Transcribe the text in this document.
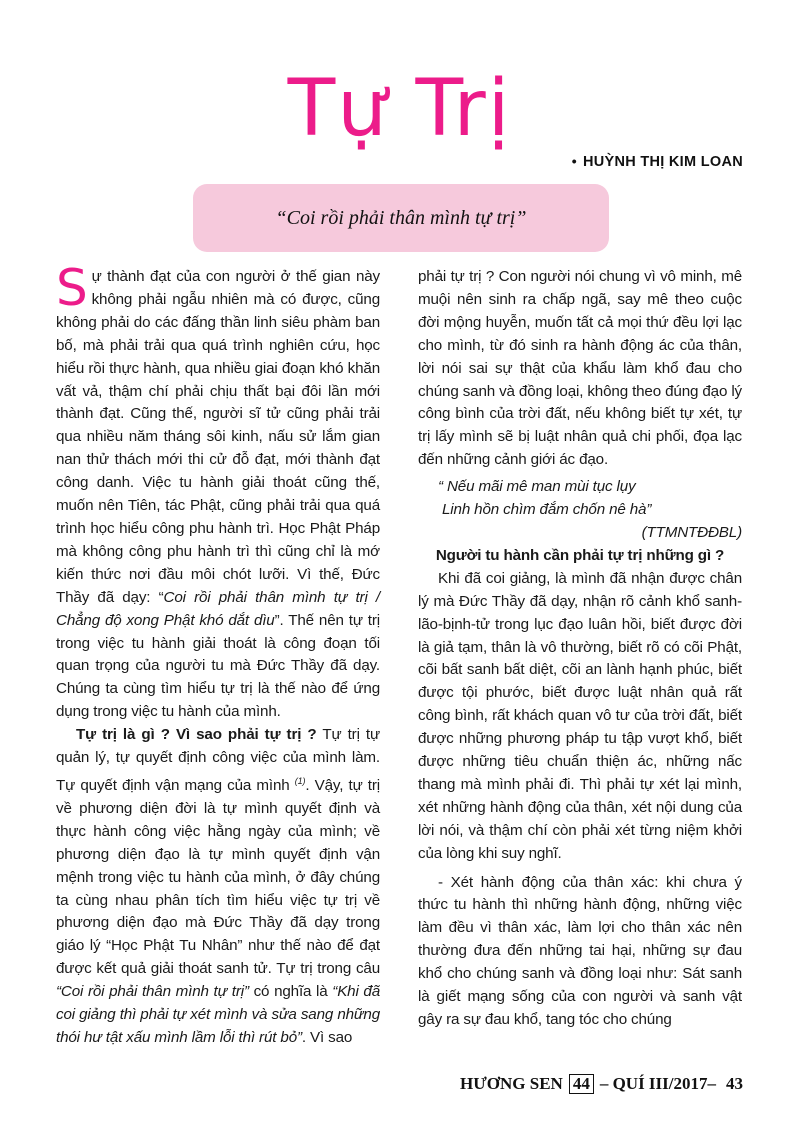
Tự Trị
• HUỲNH THỊ KIM LOAN
“Coi rồi phải thân mình tự trị”

Sự thành đạt của con người ở thế gian này không phải ngẫu nhiên mà có được, cũng không phải do các đấng thần linh siêu phàm ban bố, mà phải trải qua quá trình nghiên cứu, học hiểu rồi thực hành, qua nhiều giai đoạn khó khăn vất vả, thậm chí phải chịu thất bại đôi lần mới thành đạt. Cũng thế, người sĩ tử cũng phải trải qua nhiều năm tháng sôi kinh, nấu sử lắm gian nan thử thách mới thi cử đỗ đạt, mới thành đạt công danh. Việc tu hành giải thoát cũng thế, muốn nên Tiên, tác Phật, cũng phải trải qua quá trình học hiểu công phu hành trì. Học Phật Pháp mà không công phu hành trì thì cũng chỉ là mớ kiến thức nơi đầu môi chót lưỡi. Vì thế, Đức Thầy đã dạy: “Coi rồi phải thân mình tự trị / Chẳng độ xong Phật khó dắt dìu”. Thế nên tự trị trong việc tu hành giải thoát là công đoạn tối quan trọng của người tu mà Đức Thầy đã dạy. Chúng ta cùng tìm hiểu tự trị là thế nào để ứng dụng trong việc tu hành của mình.

Tự trị là gì ? Vì sao phải tự trị ? Tự trị tự quản lý, tự quyết định công việc của mình làm. Tự quyết định vận mạng của mình $^{(1)}$. Vậy, tự trị về phương diện đời là tự mình quyết định và thực hành công việc hằng ngày của mình; về phương diện đạo là tự mình quyết định vận mệnh trong việc tu hành của mình, ở đây chúng ta cùng nhau phân tích tìm hiểu việc tự trị về phương diện đạo mà Đức Thầy đã dạy trong giáo lý “Học Phật Tu Nhân” như thế nào để đạt được kết quả giải thoát sanh tử. Tự trị trong câu “Coi rồi phải thân mình tự trị” có nghĩa là “Khi đã coi giảng thì phải tự xét mình và sửa sang những thói hư tật xấu mình lầm lỗi thì rút bỏ”. Vì sao

phải tự trị ? Con người nói chung vì vô minh, mê muội nên sinh ra chấp ngã, say mê theo cuộc đời mộng huyễn, muốn tất cả mọi thứ đều lợi lạc cho mình, từ đó sinh ra hành động ác của thân, lời nói sai sự thật của khẩu làm khổ đau cho chúng sanh và đồng loại, không theo đúng đạo lý công bình của trời đất, nếu không biết tự xét, tự trị lấy mình sẽ bị luật nhân quả chi phối, đọa lạc đến những cảnh giới ác đạo.

“ Nếu mãi mê man mùi tục lụy

Linh hồn chìm đắm chốn nê hà”

(TTMNTĐĐBL)

Người tu hành cần phải tự trị những gì ?

Khi đã coi giảng, là mình đã nhận được chân lý mà Đức Thầy đã dạy, nhận rõ cảnh khổ sanh-lão-bịnh-tử trong lục đạo luân hồi, biết được đời là giả tạm, thân là vô thường, biết rõ có cõi Phật, cõi bất sanh bất diệt, cõi an lành hạnh phúc, biết được tội phước, biết được luật nhân quả rất công bình, rất khách quan vô tư của trời đất, biết được những phương pháp tu tập vượt khổ, biết được những tiêu chuẩn thiện ác, những nấc thang mà mình phải đi. Thì phải tự xét lại mình, xét những hành động của thân, xét nội dung của lời nói, và thậm chí còn phải xét từng niệm khởi của lòng khi suy nghĩ.

- Xét hành động của thân xác: khi chưa ý thức tu hành thì những hành động, những việc làm đều vì thân xác, làm lợi cho thân xác nên thường đưa đến những tai hại, những sự đau khổ cho chúng sanh và đồng loại như: Sát sanh là giết mạng sống của con người và sanh vật gây ra sự đau khổ, tang tóc cho chúng

HƯƠNG SEN 44 – QUÍ III/2017– 43
